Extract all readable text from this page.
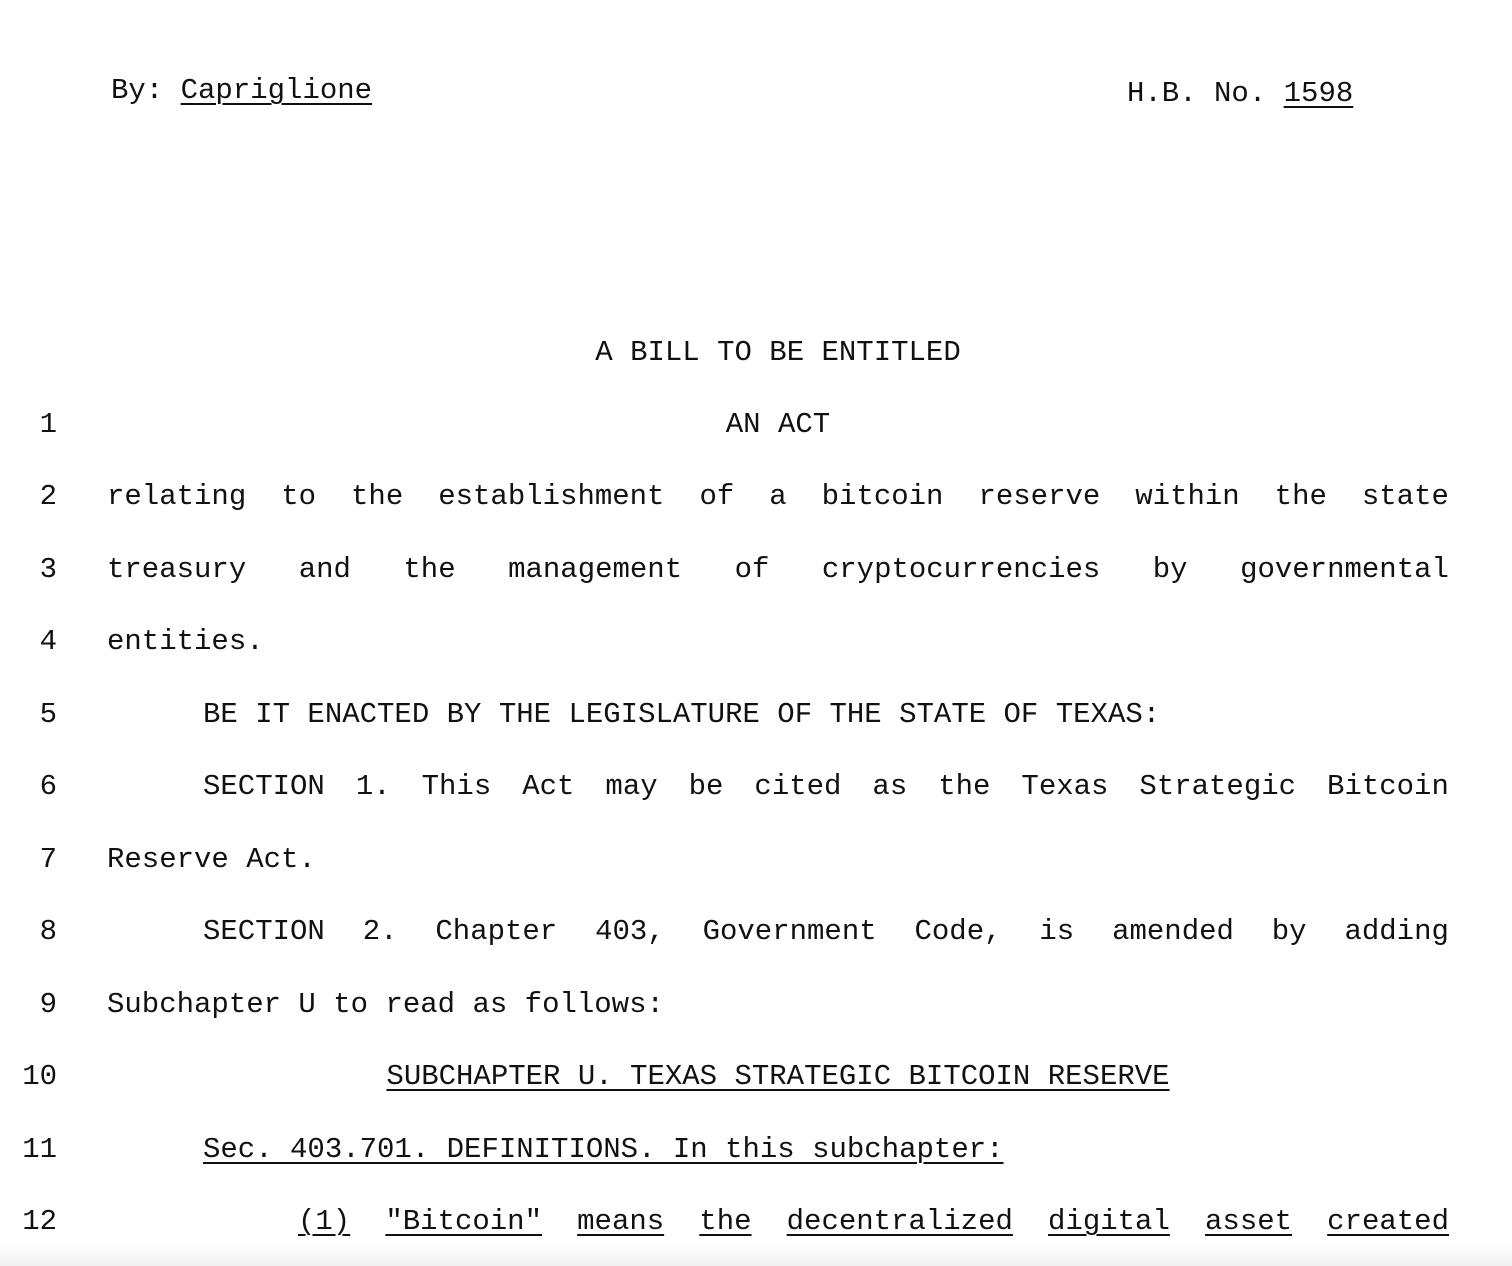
By: Capriglione	H.B. No. 1598
A BILL TO BE ENTITLED
1	AN ACT
2 relating to the establishment of a bitcoin reserve within the state
3 treasury and the management of cryptocurrencies by governmental
4 entities.
5	BE IT ENACTED BY THE LEGISLATURE OF THE STATE OF TEXAS:
6	SECTION 1. This Act may be cited as the Texas Strategic Bitcoin
7 Reserve Act.
8	SECTION 2. Chapter 403, Government Code, is amended by adding
9 Subchapter U to read as follows:
10	SUBCHAPTER U. TEXAS STRATEGIC BITCOIN RESERVE
11	Sec. 403.701. DEFINITIONS. In this subchapter:
12	(1) "Bitcoin" means the decentralized digital asset created
